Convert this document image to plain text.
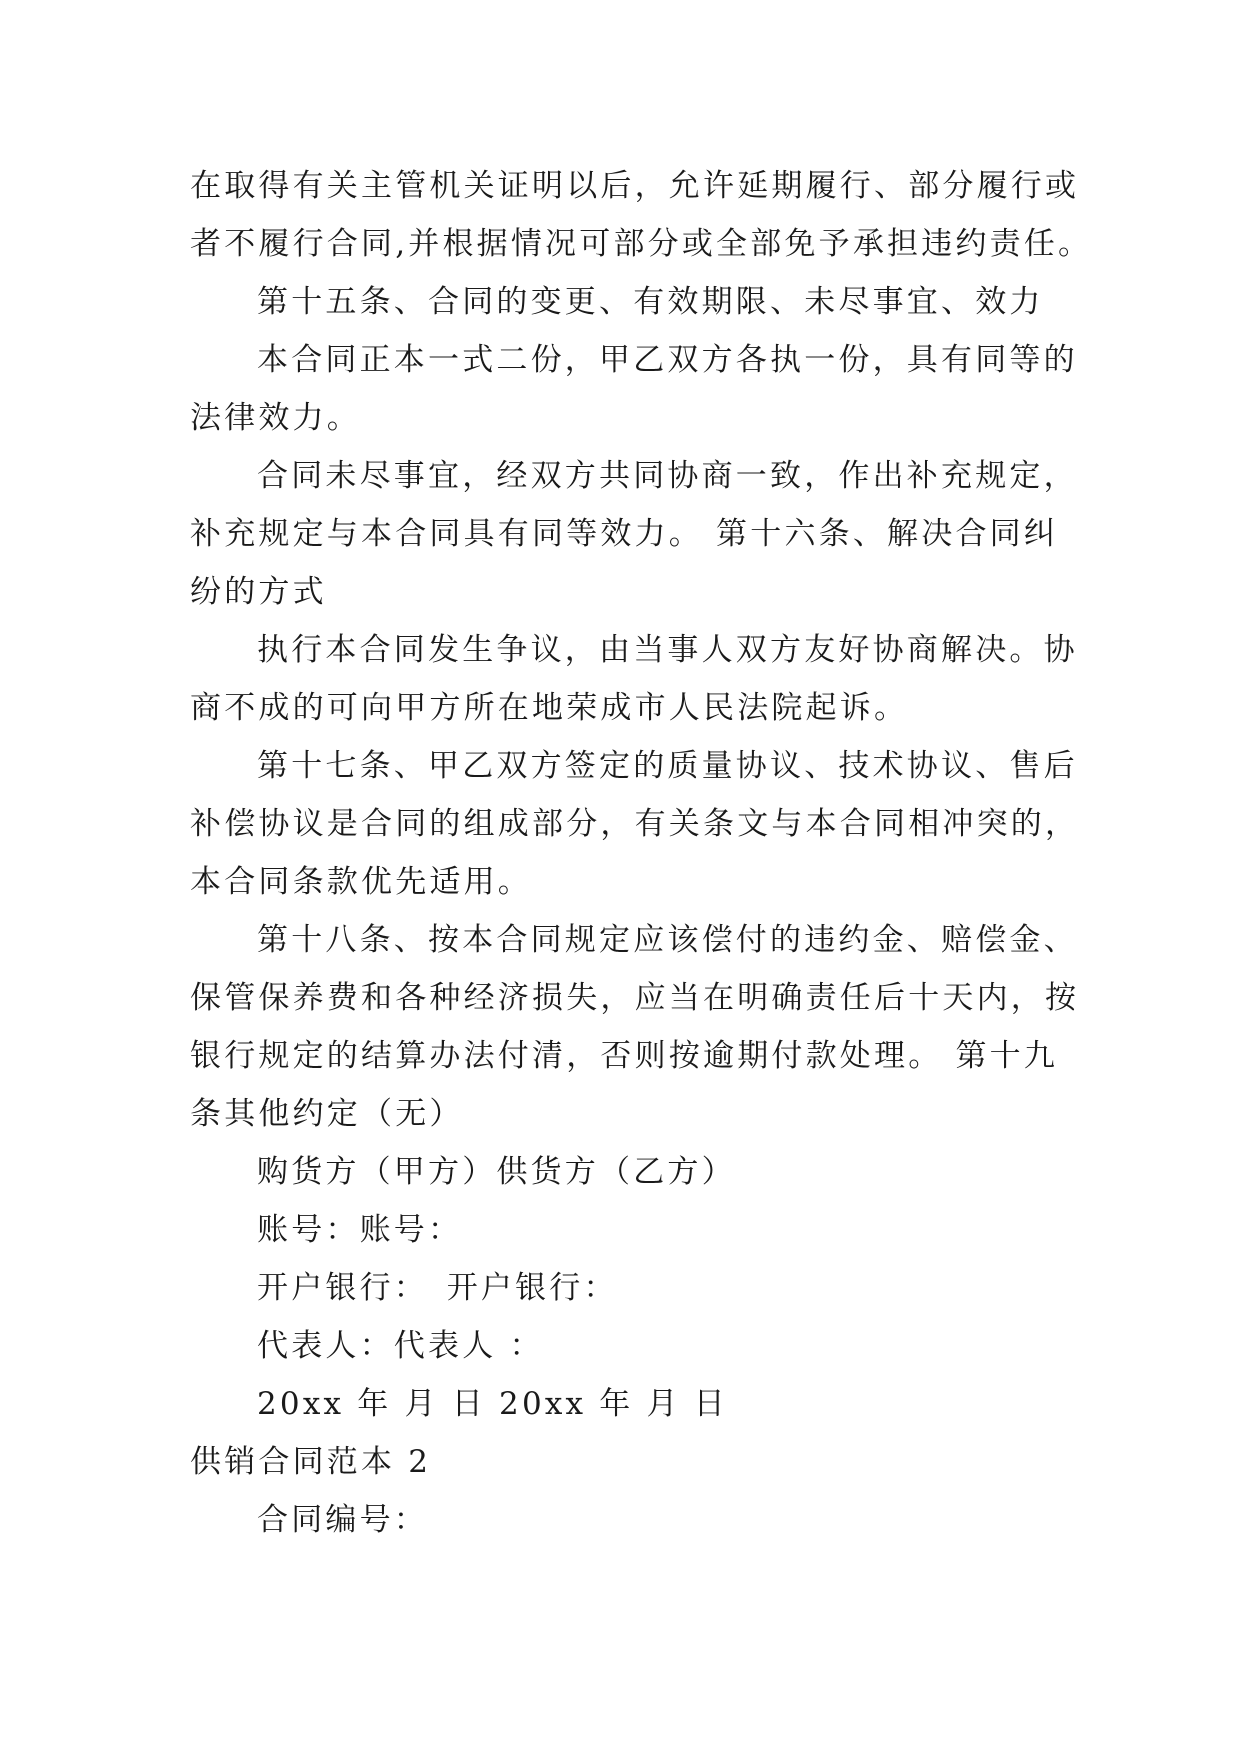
在取得有关主管机关证明以后，允许延期履行、部分履行或
者不履行合同,并根据情况可部分或全部免予承担违约责任。
第十五条、合同的变更、有效期限、未尽事宜、效力
本合同正本一式二份，甲乙双方各执一份，具有同等的
法律效力。
合同未尽事宜，经双方共同协商一致，作出补充规定，
补充规定与本合同具有同等效力。 第十六条、解决合同纠
纷的方式
执行本合同发生争议，由当事人双方友好协商解决。协
商不成的可向甲方所在地荣成市人民法院起诉。
第十七条、甲乙双方签定的质量协议、技术协议、售后
补偿协议是合同的组成部分，有关条文与本合同相冲突的，
本合同条款优先适用。
第十八条、按本合同规定应该偿付的违约金、赔偿金、
保管保养费和各种经济损失，应当在明确责任后十天内，按
银行规定的结算办法付清，否则按逾期付款处理。 第十九
条其他约定（无）
购货方（甲方）供货方（乙方）
账号：账号：
开户银行：　开户银行：
代表人：代表人 ：
20xx 年 月 日 20xx 年 月 日
供销合同范本 2
合同编号：
